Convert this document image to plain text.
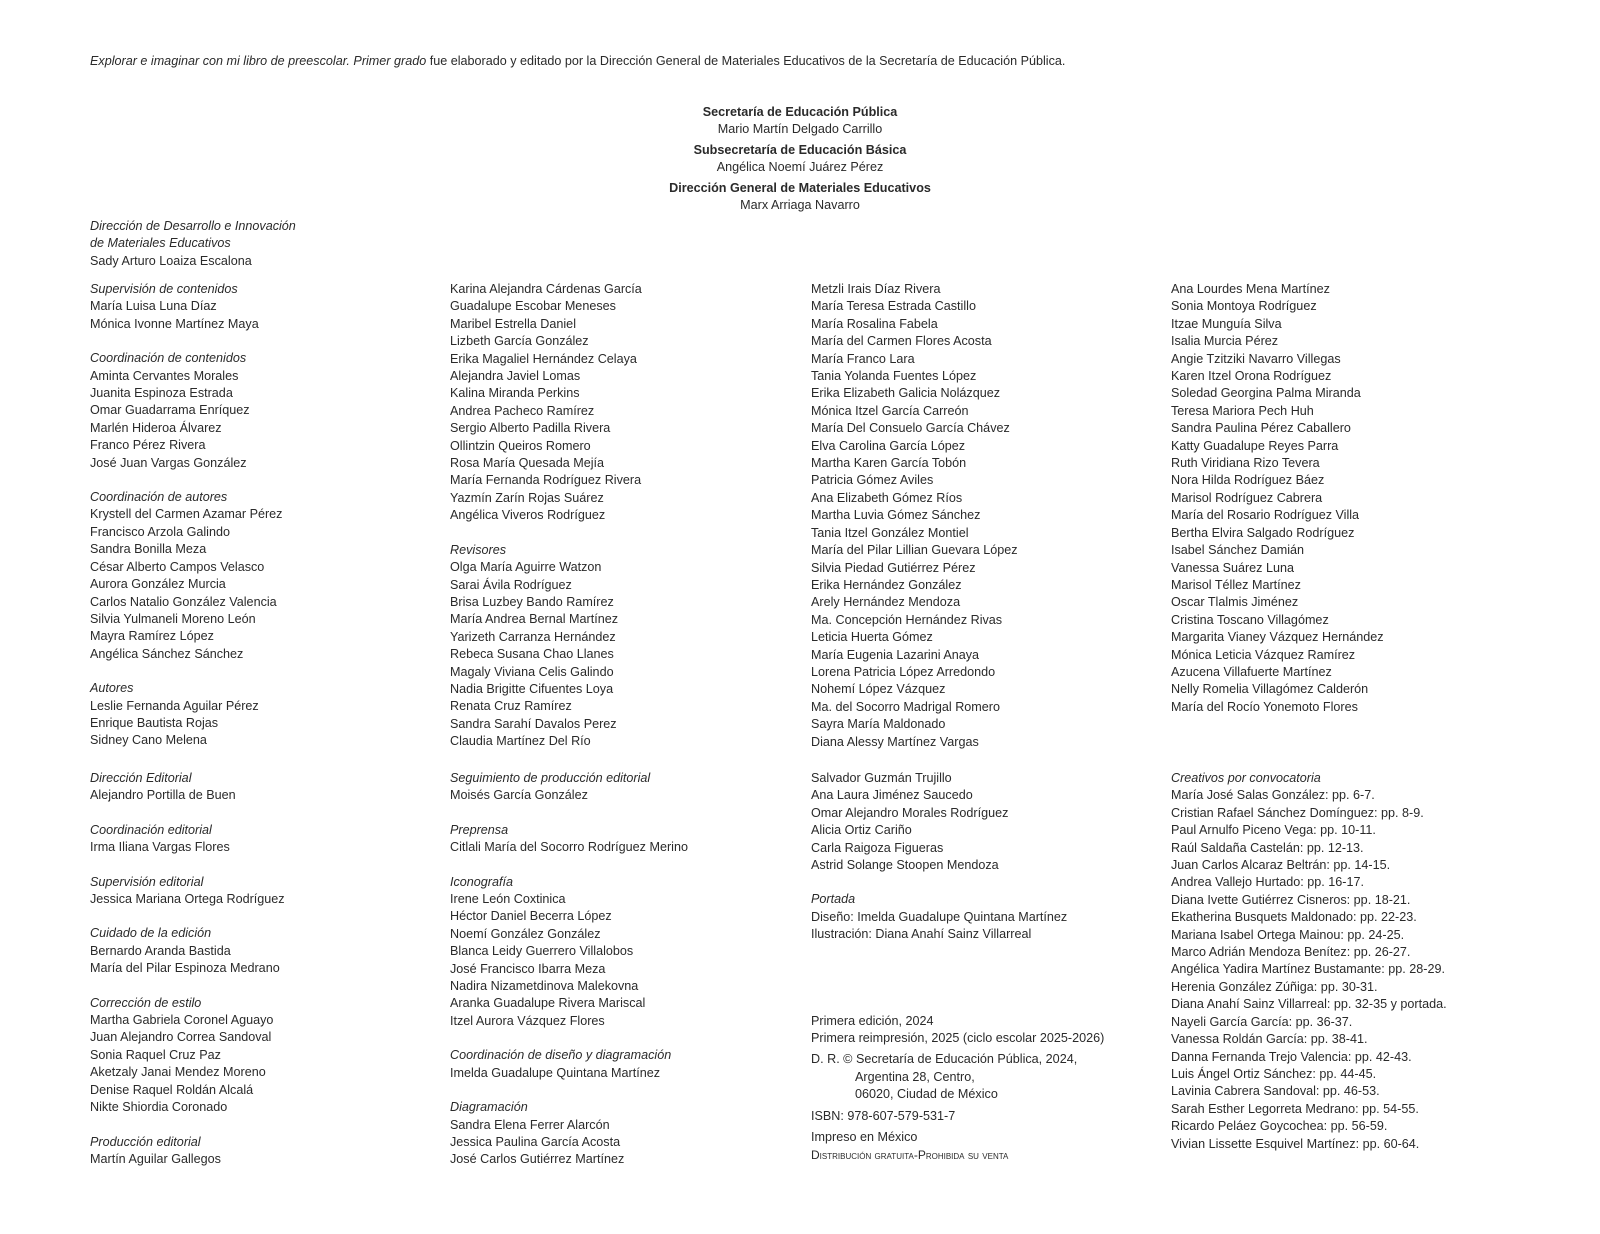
Explorar e imaginar con mi libro de preescolar. Primer grado fue elaborado y editado por la Dirección General de Materiales Educativos de la Secretaría de Educación Pública.
Secretaría de Educación Pública
Mario Martín Delgado Carrillo
Subsecretaría de Educación Básica
Angélica Noemí Juárez Pérez
Dirección General de Materiales Educativos
Marx Arriaga Navarro
Dirección de Desarrollo e Innovación
de Materiales Educativos
Sady Arturo Loaiza Escalona
Supervisión de contenidos
María Luisa Luna Díaz
Mónica Ivonne Martínez Maya
Coordinación de contenidos
Aminta Cervantes Morales
Juanita Espinoza Estrada
Omar Guadarrama Enríquez
Marlén Hideroa Álvarez
Franco Pérez Rivera
José Juan Vargas González
Coordinación de autores
Krystell del Carmen Azamar Pérez
Francisco Arzola Galindo
Sandra Bonilla Meza
César Alberto Campos Velasco
Aurora González Murcia
Carlos Natalio González Valencia
Silvia Yulmaneli Moreno León
Mayra Ramírez López
Angélica Sánchez Sánchez
Autores
Leslie Fernanda Aguilar Pérez
Enrique Bautista Rojas
Sidney Cano Melena
Karina Alejandra Cárdenas García
Guadalupe Escobar Meneses
Maribel Estrella Daniel
Lizbeth García González
Erika Magaliel Hernández Celaya
Alejandra Javiel Lomas
Kalina Miranda Perkins
Andrea Pacheco Ramírez
Sergio Alberto Padilla Rivera
Ollintzin Queiros Romero
Rosa María Quesada Mejía
María Fernanda Rodríguez Rivera
Yazmín Zarín Rojas Suárez
Angélica Viveros Rodríguez
Revisores
Olga María Aguirre Watzon
Sarai Ávila Rodríguez
Brisa Luzbey Bando Ramírez
María Andrea Bernal Martínez
Yarizeth Carranza Hernández
Rebeca Susana Chao Llanes
Magaly Viviana Celis Galindo
Nadia Brigitte Cifuentes Loya
Renata Cruz Ramírez
Sandra Sarahí Davalos Perez
Claudia Martínez Del Río
Metzli Irais Díaz Rivera
María Teresa Estrada Castillo
María Rosalina Fabela
María del Carmen Flores Acosta
María Franco Lara
Tania Yolanda Fuentes López
Erika Elizabeth Galicia Nolázquez
Mónica Itzel García Carreón
María Del Consuelo García Chávez
Elva Carolina García López
Martha Karen García Tobón
Patricia Gómez Aviles
Ana Elizabeth Gómez Ríos
Martha Luvia Gómez Sánchez
Tania Itzel González Montiel
María del Pilar Lillian Guevara López
Silvia Piedad Gutiérrez Pérez
Erika Hernández González
Arely Hernández Mendoza
Ma. Concepción Hernández Rivas
Leticia Huerta Gómez
María Eugenia Lazarini Anaya
Lorena Patricia López Arredondo
Nohemí López Vázquez
Ma. del Socorro Madrigal Romero
Sayra María Maldonado
Diana Alessy Martínez Vargas
Ana Lourdes Mena Martínez
Sonia Montoya Rodríguez
Itzae Munguía Silva
Isalia Murcia Pérez
Angie Tzitziki Navarro Villegas
Karen Itzel Orona Rodríguez
Soledad Georgina Palma Miranda
Teresa Mariora Pech Huh
Sandra Paulina Pérez Caballero
Katty Guadalupe Reyes Parra
Ruth Viridiana Rizo Tevera
Nora Hilda Rodríguez Báez
Marisol Rodríguez Cabrera
María del Rosario Rodríguez Villa
Bertha Elvira Salgado Rodríguez
Isabel Sánchez Damián
Vanessa Suárez Luna
Marisol Téllez Martínez
Oscar Tlalmis Jiménez
Cristina Toscano Villagómez
Margarita Vianey Vázquez Hernández
Mónica Leticia Vázquez Ramírez
Azucena Villafuerte Martínez
Nelly Romelia Villagómez Calderón
María del Rocío Yonemoto Flores
Dirección Editorial
Alejandro Portilla de Buen
Coordinación editorial
Irma Iliana Vargas Flores
Supervisión editorial
Jessica Mariana Ortega Rodríguez
Cuidado de la edición
Bernardo Aranda Bastida
María del Pilar Espinoza Medrano
Corrección de estilo
Martha Gabriela Coronel Aguayo
Juan Alejandro Correa Sandoval
Sonia Raquel Cruz Paz
Aketzaly Janai Mendez Moreno
Denise Raquel Roldán Alcalá
Nikte Shiordia Coronado
Producción editorial
Martín Aguilar Gallegos
Seguimiento de producción editorial
Moisés García González
Preprensa
Citlali María del Socorro Rodríguez Merino
Iconografía
Irene León Coxtinica
Héctor Daniel Becerra López
Noemí González González
Blanca Leidy Guerrero Villalobos
José Francisco Ibarra Meza
Nadira Nizametdinova Malekovna
Aranka Guadalupe Rivera Mariscal
Itzel Aurora Vázquez Flores
Coordinación de diseño y diagramación
Imelda Guadalupe Quintana Martínez
Diagramación
Sandra Elena Ferrer Alarcón
Jessica Paulina García Acosta
José Carlos Gutiérrez Martínez
Salvador Guzmán Trujillo
Ana Laura Jiménez Saucedo
Omar Alejandro Morales Rodríguez
Alicia Ortiz Cariño
Carla Raigoza Figueras
Astrid Solange Stoopen Mendoza
Portada
Diseño: Imelda Guadalupe Quintana Martínez
Ilustración: Diana Anahí Sainz Villarreal
Primera edición, 2024
Primera reimpresión, 2025 (ciclo escolar 2025-2026)
D. R. © Secretaría de Educación Pública, 2024,
Argentina 28, Centro,
06020, Ciudad de México
ISBN: 978-607-579-531-7
Impreso en México
Distribución gratuita-Prohibida su venta
Creativos por convocatoria
María José Salas González: pp. 6-7.
Cristian Rafael Sánchez Domínguez: pp. 8-9.
Paul Arnulfo Piceno Vega: pp. 10-11.
Raúl Saldaña Castelán: pp. 12-13.
Juan Carlos Alcaraz Beltrán: pp. 14-15.
Andrea Vallejo Hurtado: pp. 16-17.
Diana Ivette Gutiérrez Cisneros: pp. 18-21.
Ekatherina Busquets Maldonado: pp. 22-23.
Mariana Isabel Ortega Mainou: pp. 24-25.
Marco Adrián Mendoza Benítez: pp. 26-27.
Angélica Yadira Martínez Bustamante: pp. 28-29.
Herenia González Zúñiga: pp. 30-31.
Diana Anahí Sainz Villarreal: pp. 32-35 y portada.
Nayeli García García: pp. 36-37.
Vanessa Roldán García: pp. 38-41.
Danna Fernanda Trejo Valencia: pp. 42-43.
Luis Ángel Ortiz Sánchez: pp. 44-45.
Lavinia Cabrera Sandoval: pp. 46-53.
Sarah Esther Legorreta Medrano: pp. 54-55.
Ricardo Peláez Goycochea: pp. 56-59.
Vivian Lissette Esquivel Martínez: pp. 60-64.
